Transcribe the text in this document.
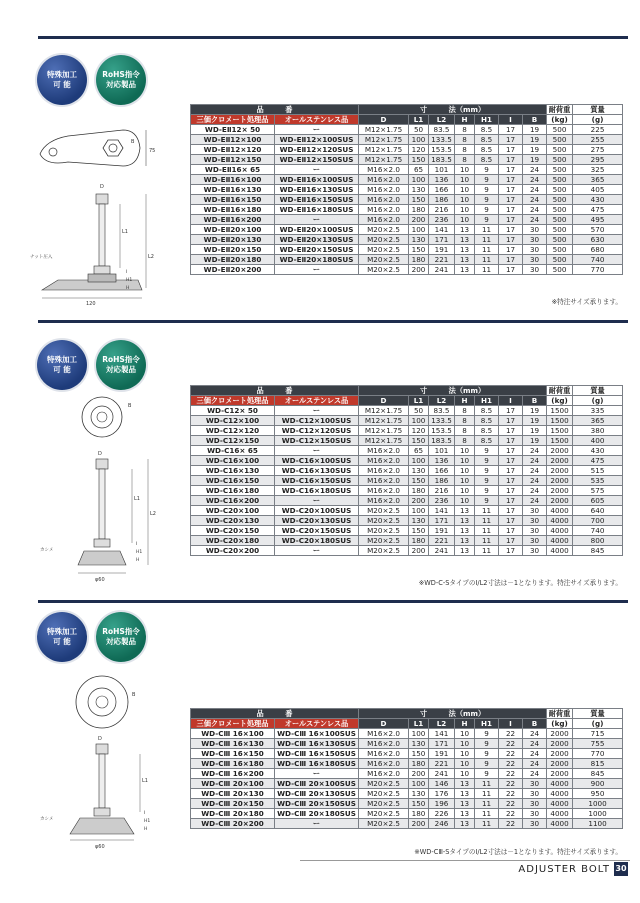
特殊加工
可 能
RoHS指令
対応製品
75
B
D
L1
L2
I
H1
H
ナット圧入
120
品　　　番		寸　　　法（mm）							耐荷重	質量
三価クロメート処理品	オールステンレス品	D	L1	L2	H	H1	I	B	(kg)	(g)
WD-EⅡ12× 50	ー	M12×1.75	50	83.5	8	8.5	17	19	500	225
WD-EⅡ12×100	WD-EⅡ12×100SUS	M12×1.75	100	133.5	8	8.5	17	19	500	255
WD-EⅡ12×120	WD-EⅡ12×120SUS	M12×1.75	120	153.5	8	8.5	17	19	500	275
WD-EⅡ12×150	WD-EⅡ12×150SUS	M12×1.75	150	183.5	8	8.5	17	19	500	295
WD-EⅡ16× 65	ー	M16×2.0	65	101	10	9	17	24	500	325
WD-EⅡ16×100	WD-EⅡ16×100SUS	M16×2.0	100	136	10	9	17	24	500	365
WD-EⅡ16×130	WD-EⅡ16×130SUS	M16×2.0	130	166	10	9	17	24	500	405
WD-EⅡ16×150	WD-EⅡ16×150SUS	M16×2.0	150	186	10	9	17	24	500	430
WD-EⅡ16×180	WD-EⅡ16×180SUS	M16×2.0	180	216	10	9	17	24	500	475
WD-EⅡ16×200	ー	M16×2.0	200	236	10	9	17	24	500	495
WD-EⅡ20×100	WD-EⅡ20×100SUS	M20×2.5	100	141	13	11	17	30	500	570
WD-EⅡ20×130	WD-EⅡ20×130SUS	M20×2.5	130	171	13	11	17	30	500	630
WD-EⅡ20×150	WD-EⅡ20×150SUS	M20×2.5	150	191	13	11	17	30	500	680
WD-EⅡ20×180	WD-EⅡ20×180SUS	M20×2.5	180	221	13	11	17	30	500	740
WD-EⅡ20×200	ー	M20×2.5	200	241	13	11	17	30	500	770
※特注サイズ承ります。
特殊加工
可 能
RoHS指令
対応製品
B
D
L1
L2
I
H1
H
カシメ
φ60
品　　　番		寸　　　法（mm）							耐荷重	質量
三価クロメート処理品	オールステンレス品	D	L1	L2	H	H1	I	B	(kg)	(g)
WD-C12× 50	ー	M12×1.75	50	83.5	8	8.5	17	19	1500	335
WD-C12×100	WD-C12×100SUS	M12×1.75	100	133.5	8	8.5	17	19	1500	365
WD-C12×120	WD-C12×120SUS	M12×1.75	120	153.5	8	8.5	17	19	1500	380
WD-C12×150	WD-C12×150SUS	M12×1.75	150	183.5	8	8.5	17	19	1500	400
WD-C16× 65	ー	M16×2.0	65	101	10	9	17	24	2000	430
WD-C16×100	WD-C16×100SUS	M16×2.0	100	136	10	9	17	24	2000	475
WD-C16×130	WD-C16×130SUS	M16×2.0	130	166	10	9	17	24	2000	515
WD-C16×150	WD-C16×150SUS	M16×2.0	150	186	10	9	17	24	2000	535
WD-C16×180	WD-C16×180SUS	M16×2.0	180	216	10	9	17	24	2000	575
WD-C16×200	ー	M16×2.0	200	236	10	9	17	24	2000	605
WD-C20×100	WD-C20×100SUS	M20×2.5	100	141	13	11	17	30	4000	640
WD-C20×130	WD-C20×130SUS	M20×2.5	130	171	13	11	17	30	4000	700
WD-C20×150	WD-C20×150SUS	M20×2.5	150	191	13	11	17	30	4000	740
WD-C20×180	WD-C20×180SUS	M20×2.5	180	221	13	11	17	30	4000	800
WD-C20×200	ー	M20×2.5	200	241	13	11	17	30	4000	845
※WD-C-SタイプのI/L2寸法は－1となります。特注サイズ承ります。
特殊加工
可 能
RoHS指令
対応製品
B
D
L1
I
H1
H
カシメ
φ60
品　　　番		寸　　　法（mm）							耐荷重	質量
三価クロメート処理品	オールステンレス品	D	L1	L2	H	H1	I	B	(kg)	(g)
WD-CⅢ 16×100	WD-CⅢ 16×100SUS	M16×2.0	100	141	10	9	22	24	2000	715
WD-CⅢ 16×130	WD-CⅢ 16×130SUS	M16×2.0	130	171	10	9	22	24	2000	755
WD-CⅢ 16×150	WD-CⅢ 16×150SUS	M16×2.0	150	191	10	9	22	24	2000	770
WD-CⅢ 16×180	WD-CⅢ 16×180SUS	M16×2.0	180	221	10	9	22	24	2000	815
WD-CⅢ 16×200	ー	M16×2.0	200	241	10	9	22	24	2000	845
WD-CⅢ 20×100	WD-CⅢ 20×100SUS	M20×2.5	100	146	13	11	22	30	4000	900
WD-CⅢ 20×130	WD-CⅢ 20×130SUS	M20×2.5	130	176	13	11	22	30	4000	950
WD-CⅢ 20×150	WD-CⅢ 20×150SUS	M20×2.5	150	196	13	11	22	30	4000	1000
WD-CⅢ 20×180	WD-CⅢ 20×180SUS	M20×2.5	180	226	13	11	22	30	4000	1000
WD-CⅢ 20×200	ー	M20×2.5	200	246	13	11	22	30	4000	1100
※WD-CⅢ-SタイプのI/L2寸法は－1となります。特注サイズ承ります。
ADJUSTER BOLT 30
